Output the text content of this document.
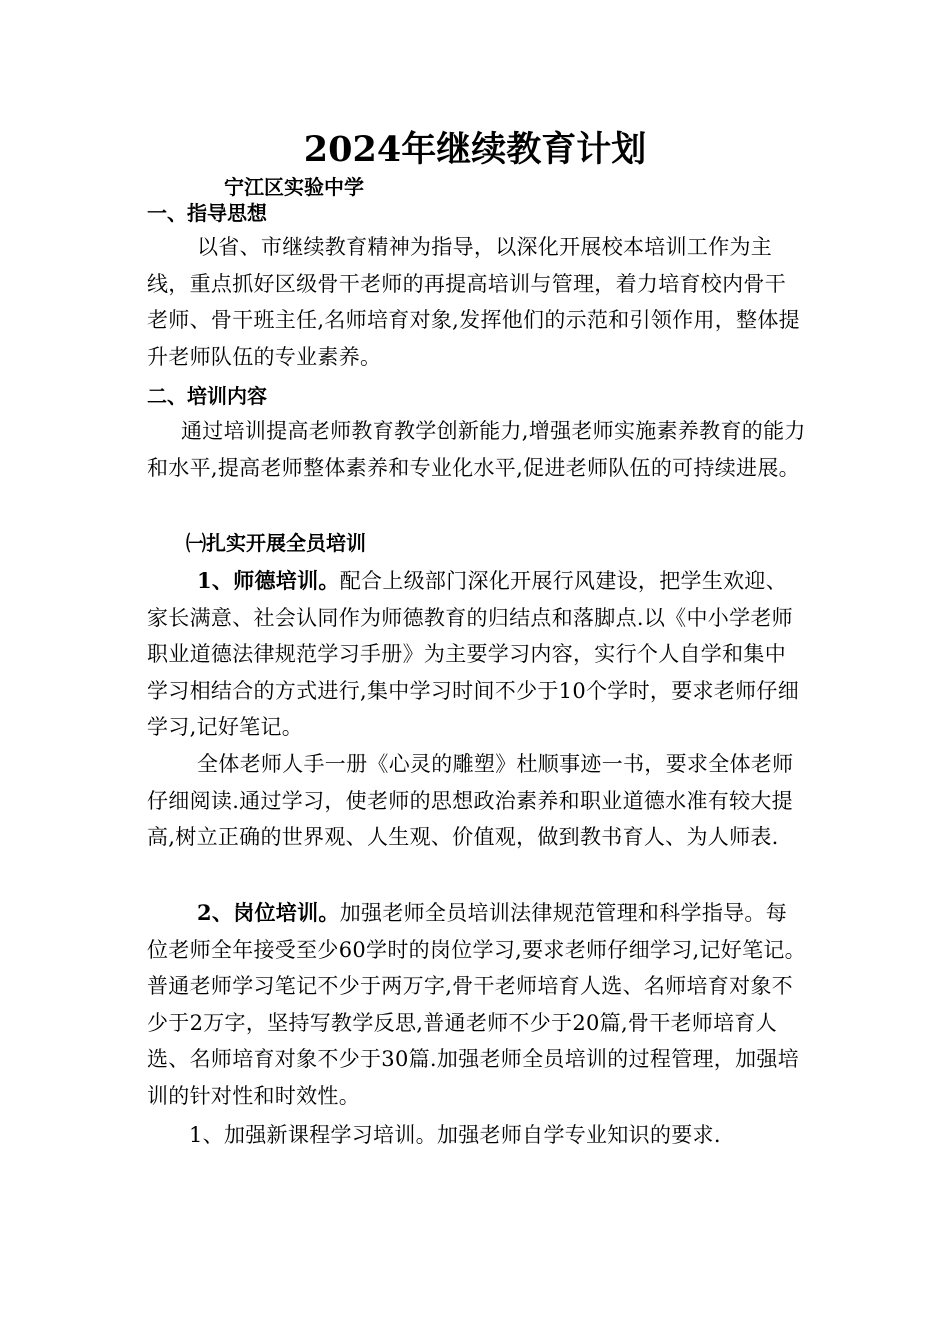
2024年继续教育计划

宁江区实验中学

一、指导思想

以省、市继续教育精神为指导，以深化开展校本培训工作为主线，重点抓好区级骨干老师的再提高培训与管理，着力培育校内骨干老师、骨干班主任,名师培育对象,发挥他们的示范和引领作用，整体提升老师队伍的专业素养。

二、培训内容

通过培训提高老师教育教学创新能力,增强老师实施素养教育的能力和水平,提高老师整体素养和专业化水平,促进老师队伍的可持续进展。

㈠扎实开展全员培训

1、师德培训。配合上级部门深化开展行风建设，把学生欢迎、家长满意、社会认同作为师德教育的归结点和落脚点.以《中小学老师职业道德法律规范学习手册》为主要学习内容，实行个人自学和集中学习相结合的方式进行,集中学习时间不少于10个学时，要求老师仔细学习,记好笔记。

全体老师人手一册《心灵的雕塑》杜顺事迹一书，要求全体老师仔细阅读.通过学习，使老师的思想政治素养和职业道德水准有较大提高,树立正确的世界观、人生观、价值观，做到教书育人、为人师表.

2、岗位培训。加强老师全员培训法律规范管理和科学指导。每位老师全年接受至少60学时的岗位学习,要求老师仔细学习,记好笔记。普通老师学习笔记不少于两万字,骨干老师培育人选、名师培育对象不少于2万字，坚持写教学反思,普通老师不少于20篇,骨干老师培育人选、名师培育对象不少于30篇.加强老师全员培训的过程管理，加强培训的针对性和时效性。

1、加强新课程学习培训。加强老师自学专业知识的要求.
